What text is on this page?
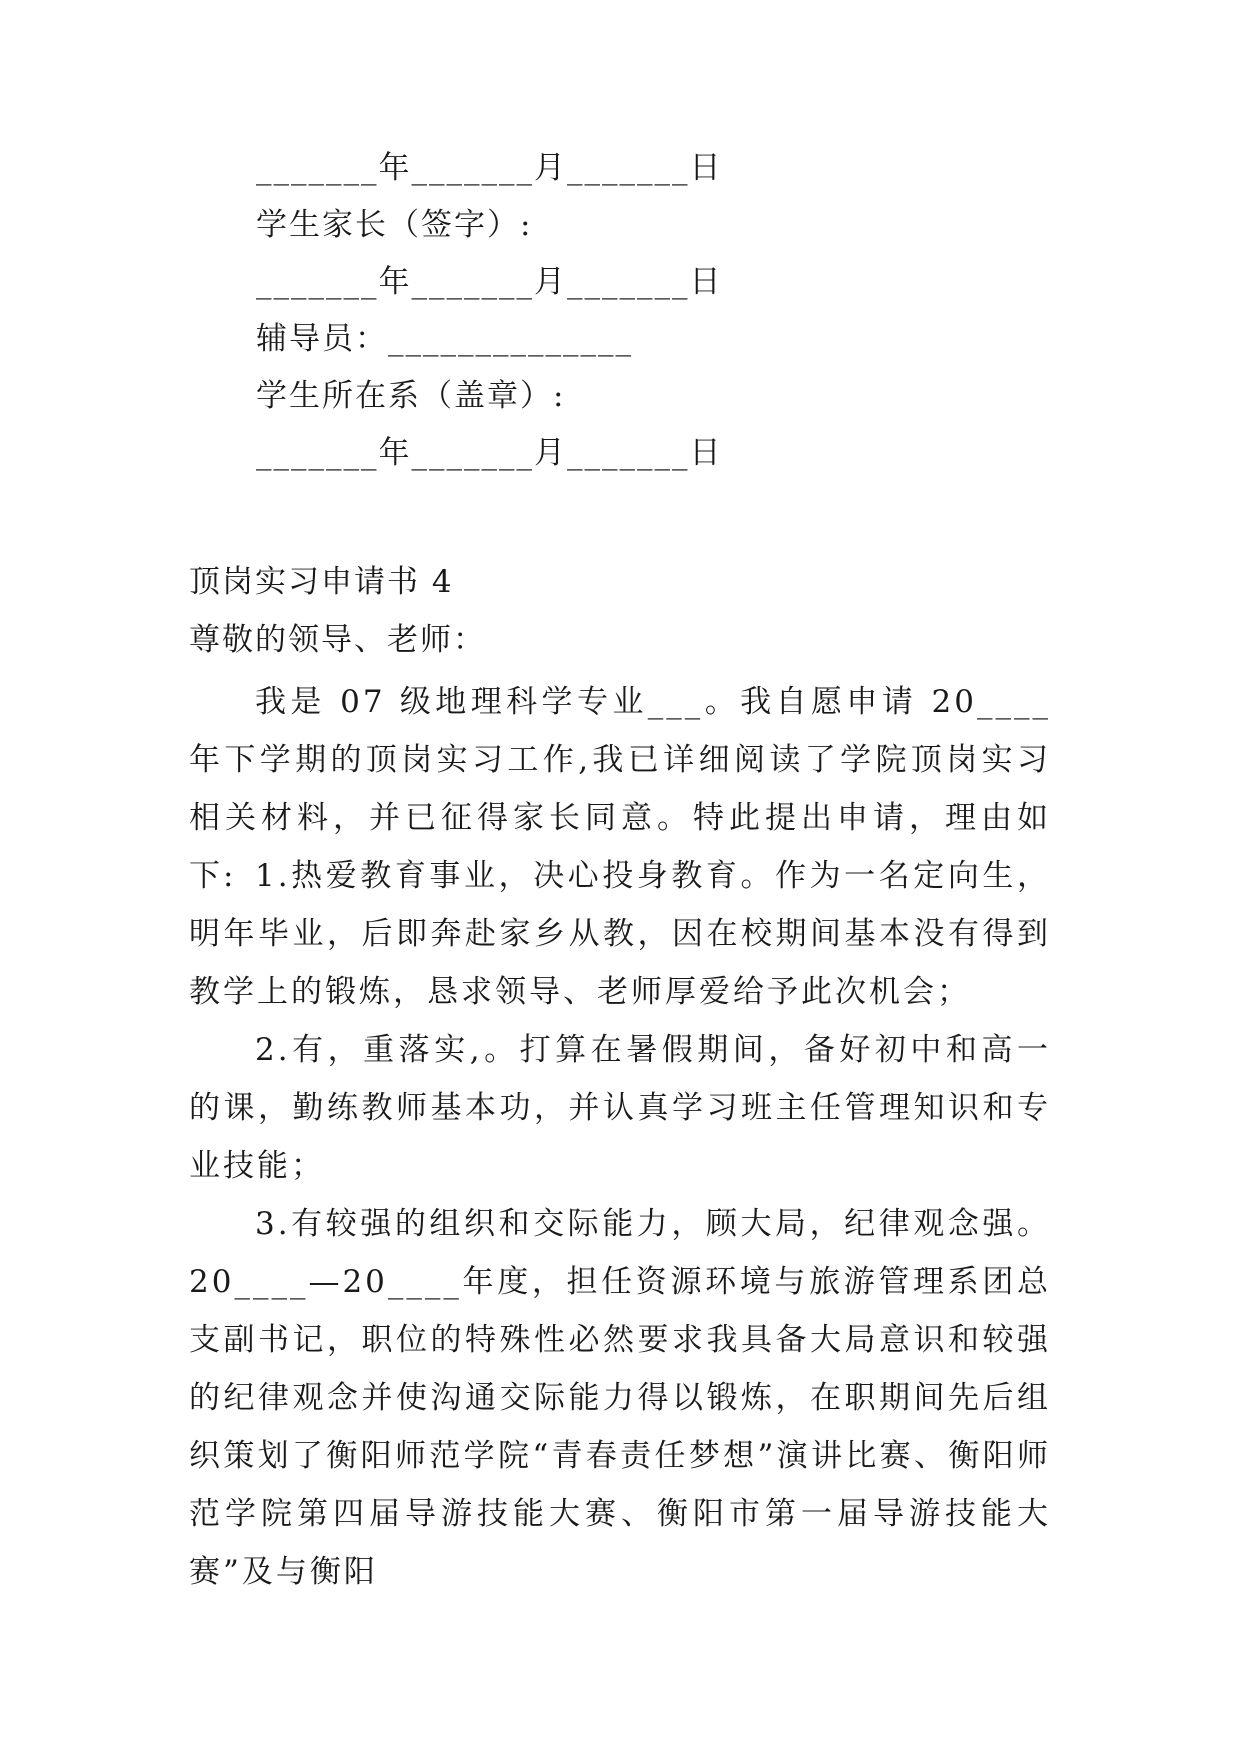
_______年_______月_______日
学生家长（签字）:
_______年_______月_______日
辅导员：______________
学生所在系（盖章）:
_______年_______月_______日
顶岗实习申请书 4
尊敬的领导、老师：

我是 07 级地理科学专业___。我自愿申请 20____年下学期的顶岗实习工作,我已详细阅读了学院顶岗实习相关材料，并已征得家长同意。特此提出申请，理由如下: 1.热爱教育事业，决心投身教育。作为一名定向生，明年毕业，后即奔赴家乡从教，因在校期间基本没有得到教学上的锻炼，恳求领导、老师厚爱给予此次机会；

2.有，重落实,。打算在暑假期间，备好初中和高一的课，勤练教师基本功，并认真学习班主任管理知识和专业技能；

3.有较强的组织和交际能力，顾大局，纪律观念强。20____—20____年度，担任资源环境与旅游管理系团总支副书记，职位的特殊性必然要求我具备大局意识和较强的纪律观念并使沟通交际能力得以锻炼，在职期间先后组织策划了衡阳师范学院“青春责任梦想”演讲比赛、衡阳师范学院第四届导游技能大赛、衡阳市第一届导游技能大赛”及与衡阳
